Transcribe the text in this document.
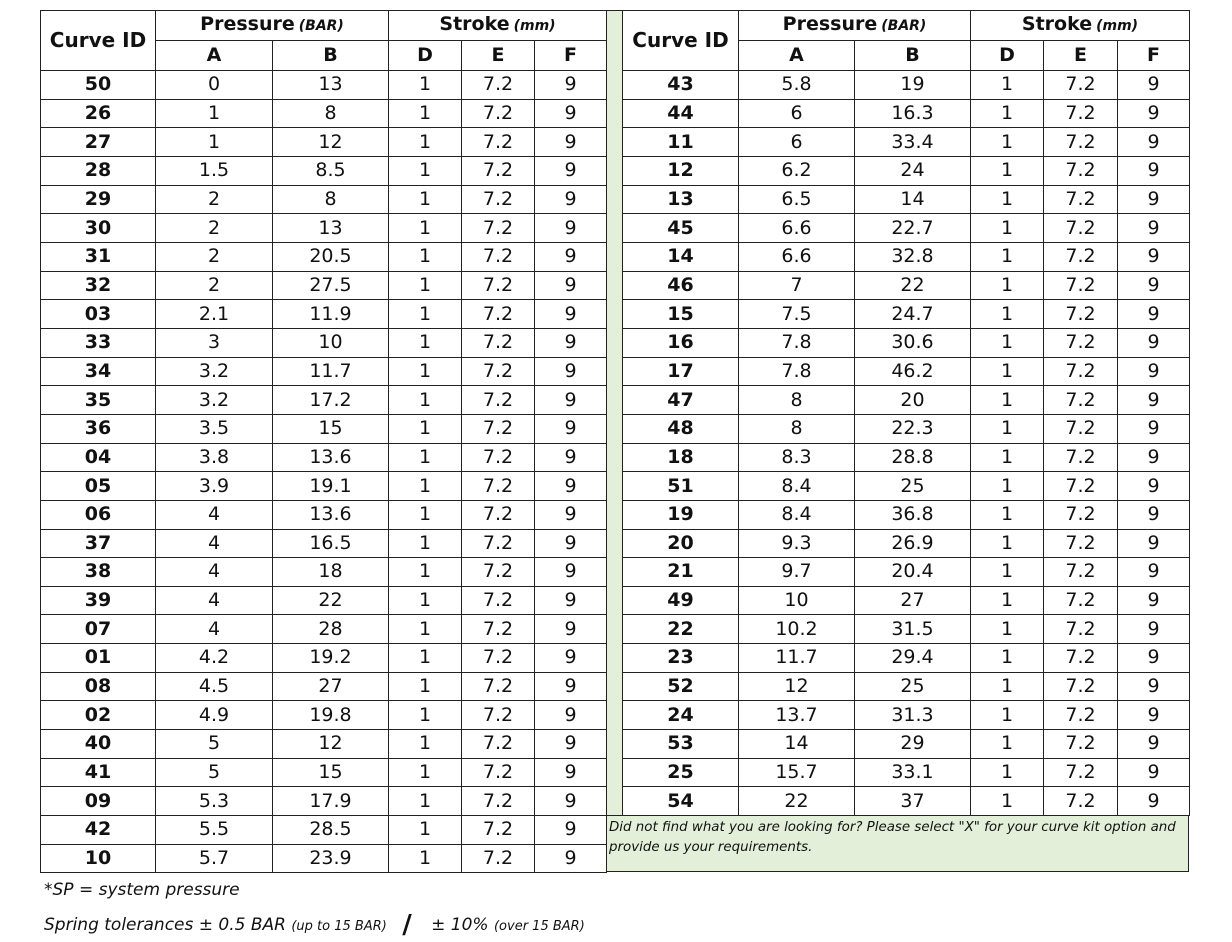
Curve ID	Pressure (BAR)		Stroke (mm)		
	A	B	D	E	F
50	0	13	1	7.2	9
26	1	8	1	7.2	9
27	1	12	1	7.2	9
28	1.5	8.5	1	7.2	9
29	2	8	1	7.2	9
30	2	13	1	7.2	9
31	2	20.5	1	7.2	9
32	2	27.5	1	7.2	9
03	2.1	11.9	1	7.2	9
33	3	10	1	7.2	9
34	3.2	11.7	1	7.2	9
35	3.2	17.2	1	7.2	9
36	3.5	15	1	7.2	9
04	3.8	13.6	1	7.2	9
05	3.9	19.1	1	7.2	9
06	4	13.6	1	7.2	9
37	4	16.5	1	7.2	9
38	4	18	1	7.2	9
39	4	22	1	7.2	9
07	4	28	1	7.2	9
01	4.2	19.2	1	7.2	9
08	4.5	27	1	7.2	9
02	4.9	19.8	1	7.2	9
40	5	12	1	7.2	9
41	5	15	1	7.2	9
09	5.3	17.9	1	7.2	9
42	5.5	28.5	1	7.2	9
10	5.7	23.9	1	7.2	9
Curve ID	Pressure (BAR)		Stroke (mm)		
	A	B	D	E	F
43	5.8	19	1	7.2	9
44	6	16.3	1	7.2	9
11	6	33.4	1	7.2	9
12	6.2	24	1	7.2	9
13	6.5	14	1	7.2	9
45	6.6	22.7	1	7.2	9
14	6.6	32.8	1	7.2	9
46	7	22	1	7.2	9
15	7.5	24.7	1	7.2	9
16	7.8	30.6	1	7.2	9
17	7.8	46.2	1	7.2	9
47	8	20	1	7.2	9
48	8	22.3	1	7.2	9
18	8.3	28.8	1	7.2	9
51	8.4	25	1	7.2	9
19	8.4	36.8	1	7.2	9
20	9.3	26.9	1	7.2	9
21	9.7	20.4	1	7.2	9
49	10	27	1	7.2	9
22	10.2	31.5	1	7.2	9
23	11.7	29.4	1	7.2	9
52	12	25	1	7.2	9
24	13.7	31.3	1	7.2	9
53	14	29	1	7.2	9
25	15.7	33.1	1	7.2	9
54	22	37	1	7.2	9
Did not find what you are looking for? Please select "X" for your curve kit option and provide us your requirements.
*SP = system pressure
Spring tolerances ± 0.5 BAR (up to 15 BAR) / ± 10% (over 15 BAR)
